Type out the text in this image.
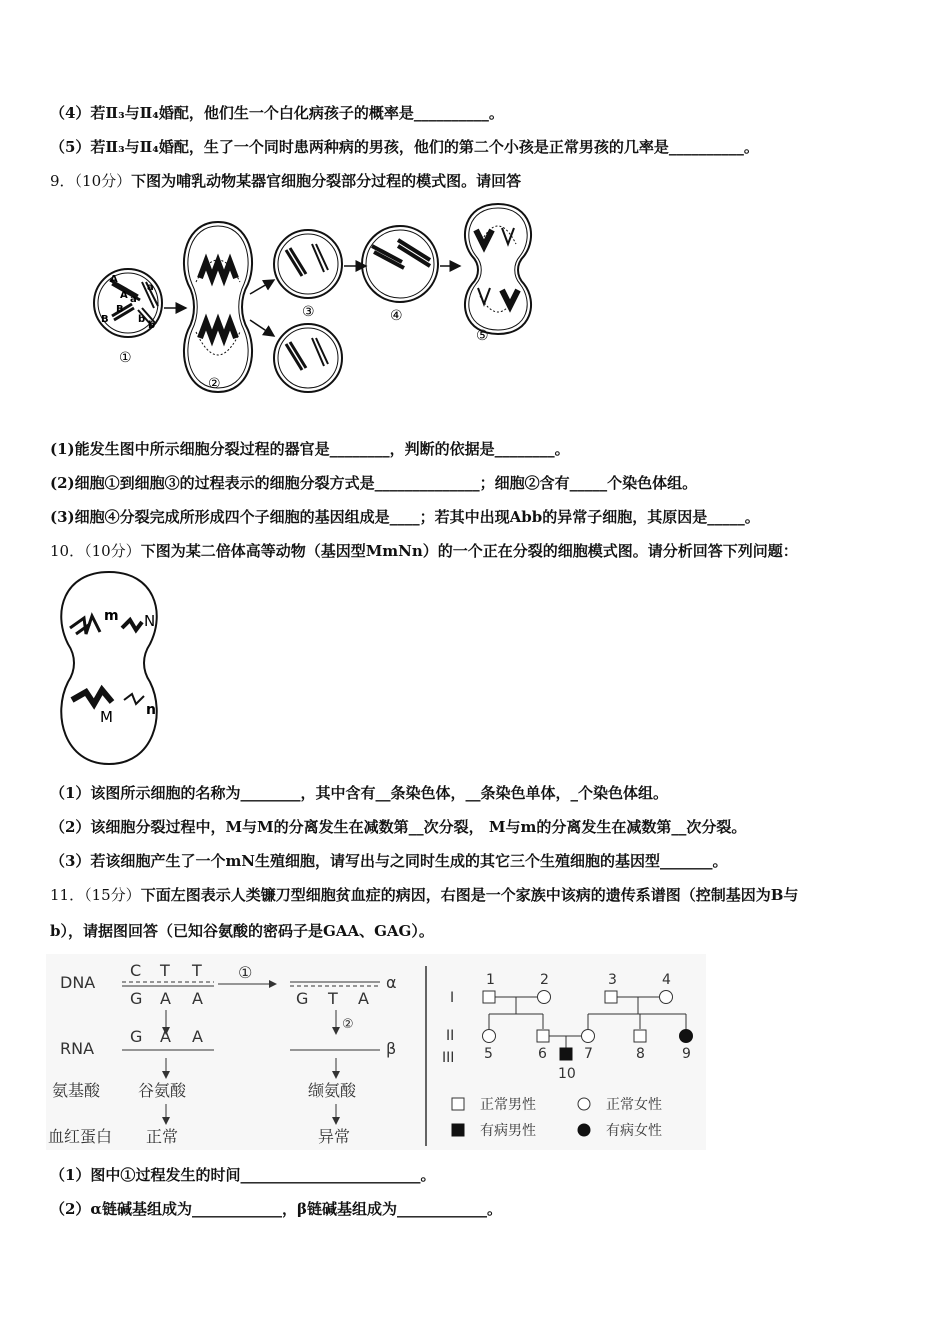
（4）若Ⅱ₃与Ⅱ₄婚配，他们生一个白化病孩子的概率是__________。
（5）若Ⅱ₃与Ⅱ₄婚配，生了一个同时患两种病的男孩，他们的第二个小孩是正常男孩的几率是__________。
9．（10分）下图为哺乳动物某器官细胞分裂部分过程的模式图。请回答
A
a
A a
B
B
b
b
①
②
③	④
⑤
(1)能发生图中所示细胞分裂过程的器官是________，判断的依据是________。
(2)细胞①到细胞③的过程表示的细胞分裂方式是______________；细胞②含有_____个染色体组。
(3)细胞④分裂完成所形成四个子细胞的基因组成是____；若其中出现Abb的异常子细胞，其原因是_____。
10．（10分）下图为某二倍体高等动物（基因型MmNn）的一个正在分裂的细胞模式图。请分析回答下列问题：
m N
M n
（1）该图所示细胞的名称为________，其中含有__条染色体，__条染色单体，_个染色体组。
（2）该细胞分裂过程中，M与M的分离发生在减数第__次分裂， M与m的分离发生在减数第__次分裂。
（3）若该细胞产生了一个mN生殖细胞，请写出与之同时生成的其它三个生殖细胞的基因型_______。
11．（15分）下面左图表示人类镰刀型细胞贫血症的病因，右图是一个家族中该病的遗传系谱图（控制基因为B与
b），请据图回答（已知谷氨酸的密码子是GAA、GAG）。
DNA
RNA
氨基酸
血红蛋白
C T T
G A A
G A A
谷氨酸
正常
①
α
G T A
②
β
缬氨酸
异常
I
II
III
1	2	3	4
5	6	7	8	9
10
正常男性	正常女性
有病男性	有病女性
（1）图中①过程发生的时间________________________。
（2）α链碱基组成为____________，β链碱基组成为____________。
